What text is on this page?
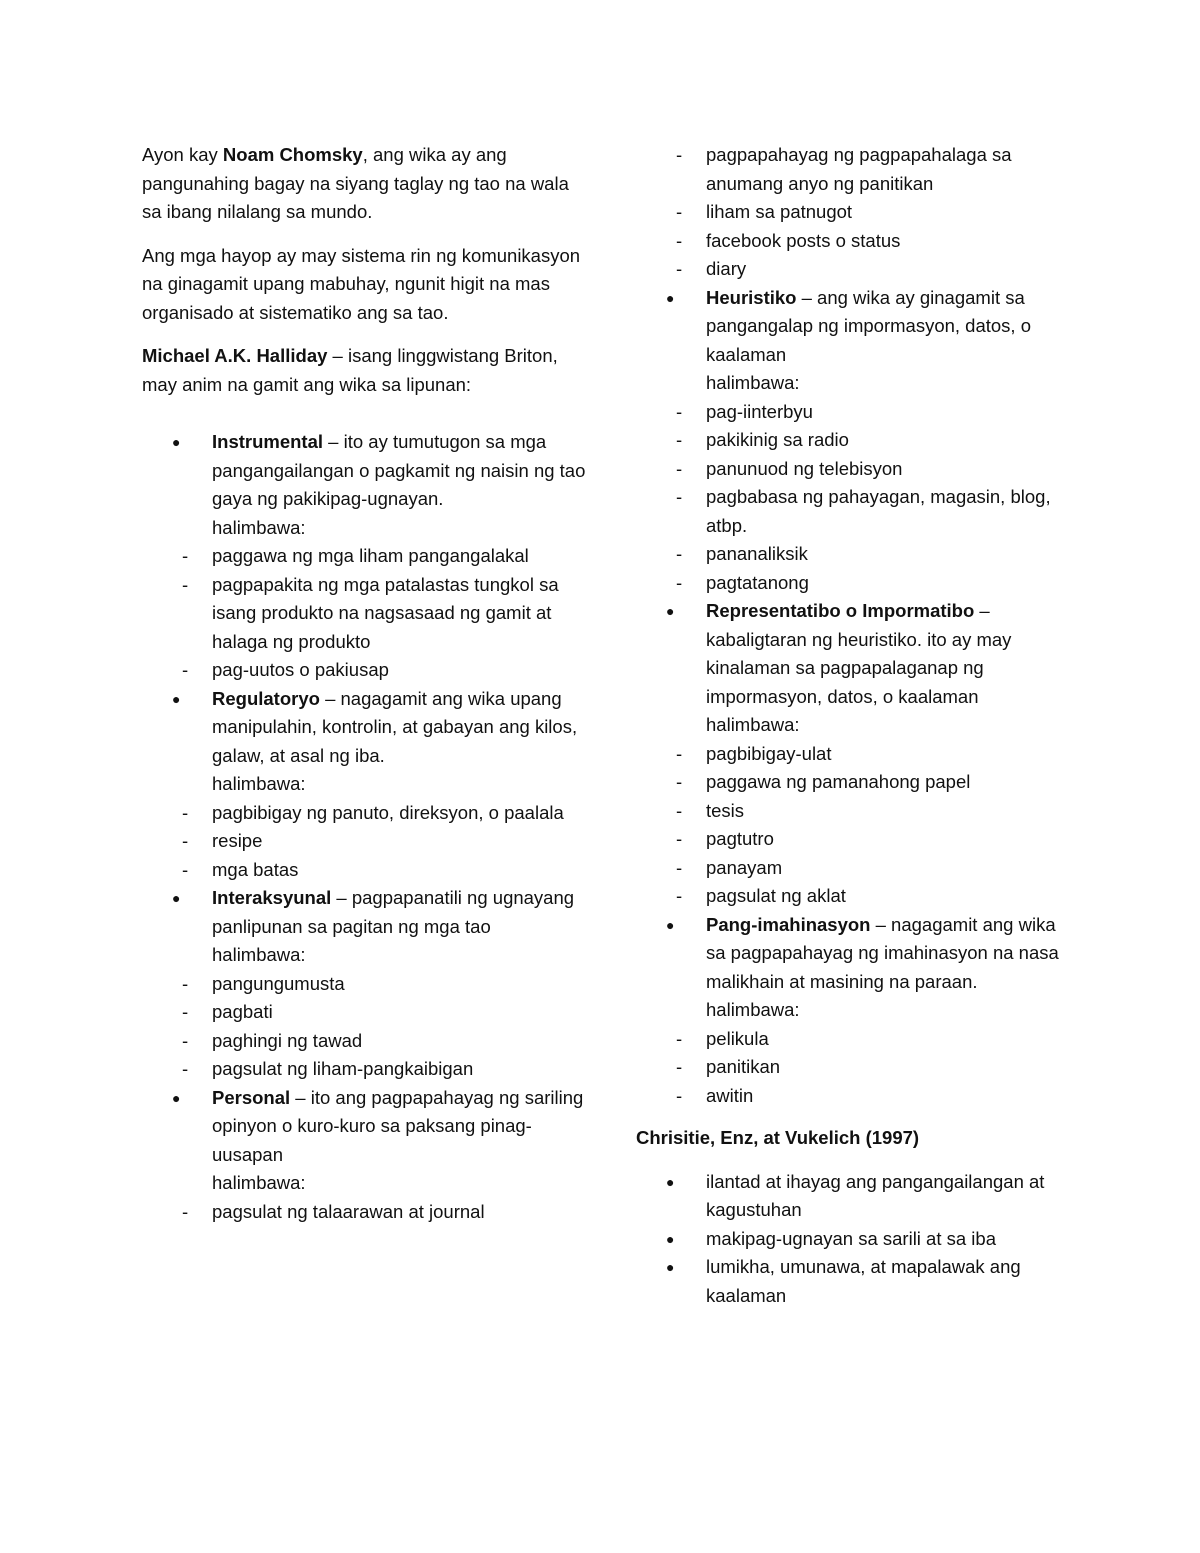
Ayon kay Noam Chomsky, ang wika ay ang pangunahing bagay na siyang taglay ng tao na wala sa ibang nilalang sa mundo.

Ang mga hayop ay may sistema rin ng komunikasyon na ginagamit upang mabuhay, ngunit higit na mas organisado at sistematiko ang sa tao.

Michael A.K. Halliday – isang linggwistang Briton, may anim na gamit ang wika sa lipunan:

●	Instrumental – ito ay tumutugon sa mga pangangailangan o pagkamit ng naisin ng tao gaya ng pakikipag-ugnayan.
halimbawa:
- paggawa ng mga liham pangangalakal
- pagpapakita ng mga patalastas tungkol sa isang produkto na nagsasaad ng gamit at halaga ng produkto
- pag-uutos o pakiusap
●	Regulatoryo – nagagamit ang wika upang manipulahin, kontrolin, at gabayan ang kilos, galaw, at asal ng iba.
halimbawa:
- pagbibigay ng panuto, direksyon, o paalala
- resipe
- mga batas
●	Interaksyunal – pagpapanatili ng ugnayang panlipunan sa pagitan ng mga tao
halimbawa:
- pangungumusta
- pagbati
- paghingi ng tawad
- pagsulat ng liham-pangkaibigan
●	Personal – ito ang pagpapahayag ng sariling opinyon o kuro-kuro sa paksang pinag-uusapan
halimbawa:
- pagsulat ng talaarawan at journal
- pagpapahayag ng pagpapahalaga sa anumang anyo ng panitikan
- liham sa patnugot
- facebook posts o status
- diary
●	Heuristiko – ang wika ay ginagamit sa pangangalap ng impormasyon, datos, o kaalaman
halimbawa:
- pag-iinterbyu
- pakikinig sa radio
- panunuod ng telebisyon
- pagbabasa ng pahayagan, magasin, blog, atbp.
- pananaliksik
- pagtatanong
●	Representatibo o Impormatibo – kabaligtaran ng heuristiko. ito ay may kinalaman sa pagpapalaganap ng impormasyon, datos, o kaalaman
halimbawa:
- pagbibigay-ulat
- paggawa ng pamanahong papel
- tesis
- pagtutro
- panayam
- pagsulat ng aklat
●	Pang-imahinasyon – nagagamit ang wika sa pagpapahayag ng imahinasyon na nasa malikhain at masining na paraan.
halimbawa:
- pelikula
- panitikan
- awitin
Chrisitie, Enz, at Vukelich (1997)
●	ilantad at ihayag ang pangangailangan at kagustuhan
●	makipag-ugnayan sa sarili at sa iba
●	lumikha, umunawa, at mapalawak ang kaalaman
